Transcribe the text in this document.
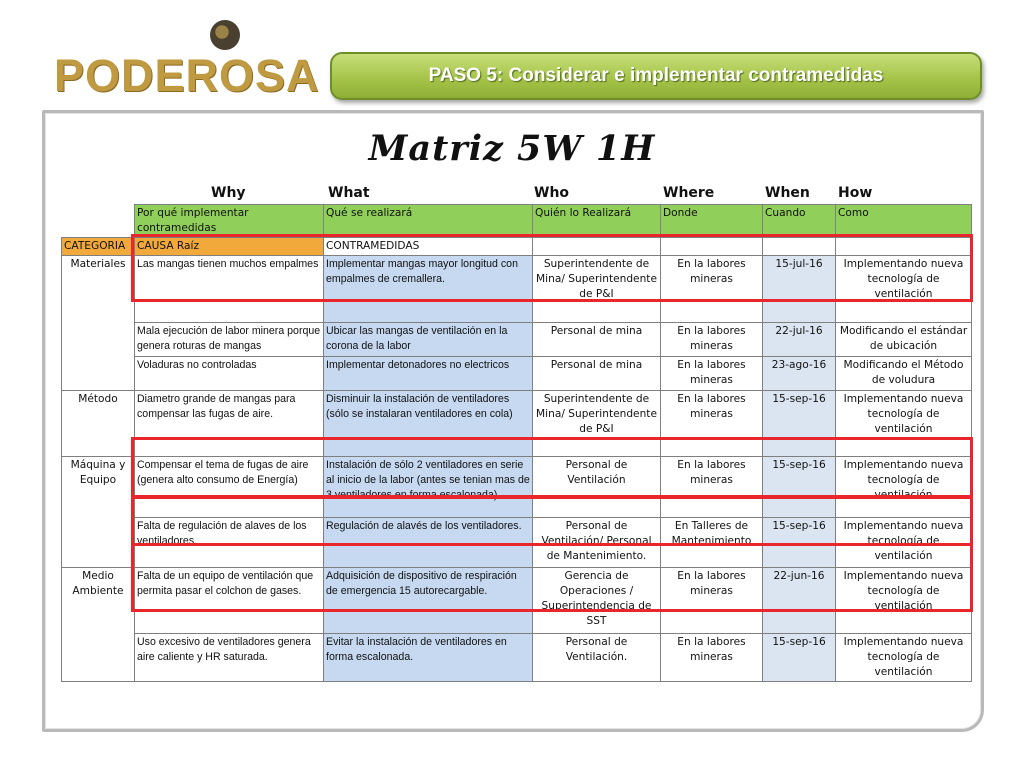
PODEROSA	PASO 5: Considerar e implementar contramedidas
Matriz 5W 1H
Why	What	Who	Where	When How
	Por qué implementar contramedidas	Qué se realizará	Quién lo Realizará	Donde	Cuando	Como
CATEGORIA	CAUSA Raíz	CONTRAMEDIDAS				
Materiales	Las mangas tienen muchos empalmes	Implementar mangas mayor longitud con empalmes de cremallera.	Superintendente de Mina/ Superintendente de P&I	En la labores mineras	15-jul-16	Implementando nueva tecnología de ventilación
	Mala ejecución de labor minera porque genera roturas de mangas	Ubicar las mangas de ventilación en la corona de la labor	Personal de mina	En la labores mineras	22-jul-16	Modificando el estándar de ubicación
	Voladuras no controladas	Implementar detonadores no electricos	Personal de mina	En la labores mineras	23-ago-16	Modificando el Método de voludura
Método	Diametro grande de mangas para compensar las fugas de aire.	Disminuir la instalación de ventiladores (sólo se instalaran ventiladores en cola)	Superintendente de Mina/ Superintendente de P&I	En la labores mineras	15-sep-16	Implementando nueva tecnología de ventilación
Máquina y Equipo	Compensar el tema de fugas de aire (genera alto consumo de Energía)	Instalación de sólo 2 ventiladores en serie al inicio de la labor (antes se tenian mas de 3 ventiladores en forma escalonada).	Personal de Ventilación	En la labores mineras	15-sep-16	Implementando nueva tecnología de ventilación
	Falta de regulación de alaves de los ventiladores.	Regulación de alavés de los ventiladores.	Personal de Ventilación/ Personal de Mantenimiento.	En Talleres de Mantenimiento	15-sep-16	Implementando nueva tecnología de ventilación
Medio Ambiente	Falta de un equipo de ventilación que permita pasar el colchon de gases.	Adquisición de dispositivo de respiración de emergencia 15 autorecargable.	Gerencia de Operaciones / Superintendencia de SST	En la labores mineras	22-jun-16	Implementando nueva tecnología de ventilación
	Uso excesivo de ventiladores genera aire caliente y HR saturada.	Evitar la instalación de ventiladores en forma escalonada.	Personal de Ventilación.	En la labores mineras	15-sep-16	Implementando nueva tecnología de ventilación
